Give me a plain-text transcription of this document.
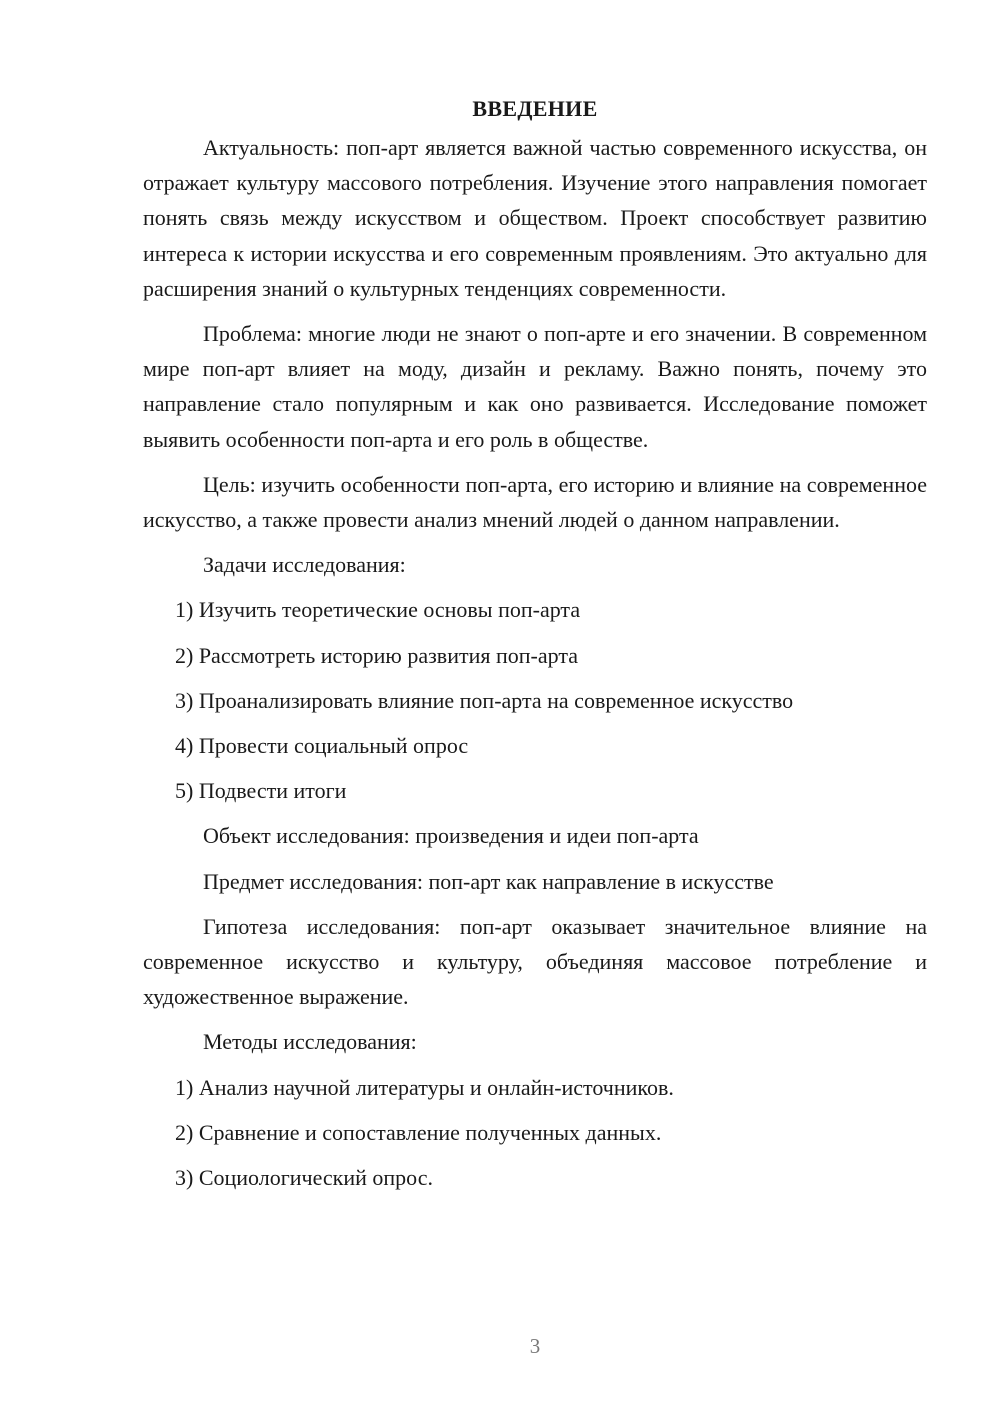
ВВЕДЕНИЕ

Актуальность: поп-арт является важной частью современного искусства, он отражает культуру массового потребления. Изучение этого направления помогает понять связь между искусством и обществом. Проект способствует развитию интереса к истории искусства и его современным проявлениям. Это актуально для расширения знаний о культурных тенденциях современности.

Проблема: многие люди не знают о поп-арте и его значении. В современном мире поп-арт влияет на моду, дизайн и рекламу. Важно понять, почему это направление стало популярным и как оно развивается. Исследование поможет выявить особенности поп-арта и его роль в обществе.

Цель: изучить особенности поп-арта, его историю и влияние на современное искусство, а также провести анализ мнений людей о данном направлении.

Задачи исследования:
1) Изучить теоретические основы поп-арта
2) Рассмотреть историю развития поп-арта
3) Проанализировать влияние поп-арта на современное искусство
4) Провести социальный опрос
5) Подвести итоги
Объект исследования: произведения и идеи поп-арта
Предмет исследования: поп-арт как направление в искусстве

Гипотеза исследования: поп-арт оказывает значительное влияние на современное искусство и культуру, объединяя массовое потребление и художественное выражение.

Методы исследования:
1) Анализ научной литературы и онлайн-источников.
2) Сравнение и сопоставление полученных данных.
3) Социологический опрос.
3
